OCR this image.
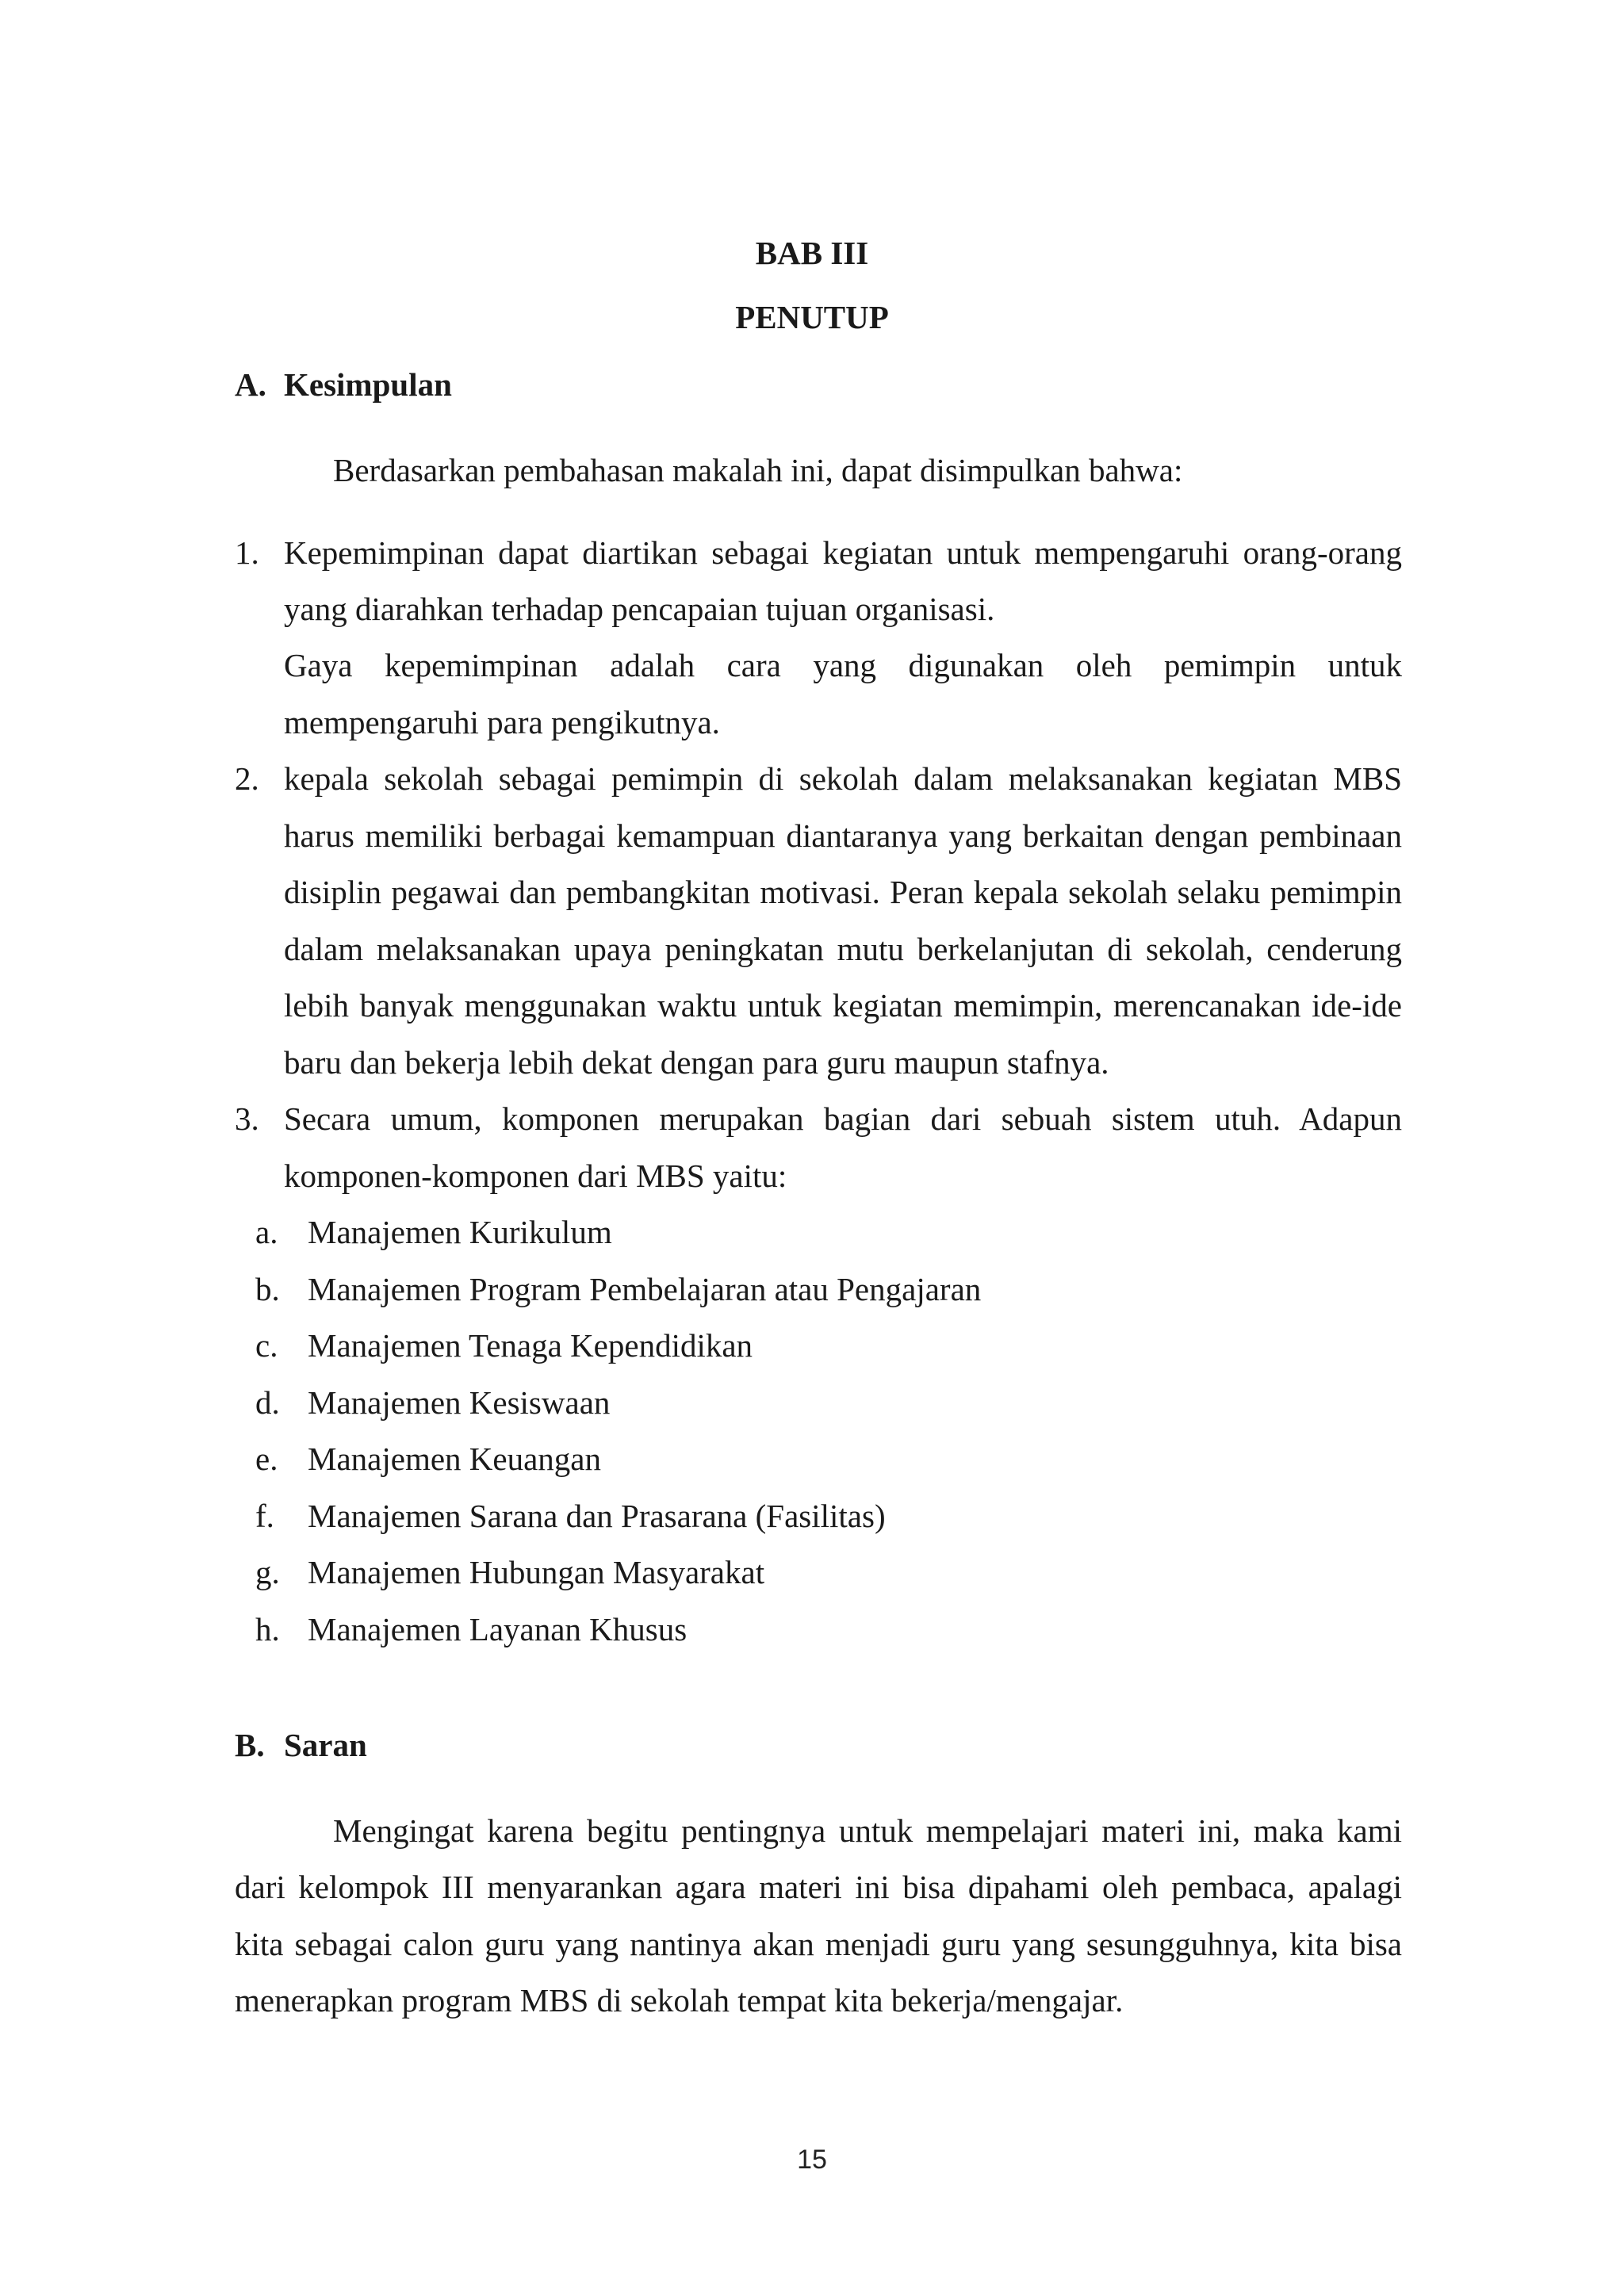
BAB III
PENUTUP
A. Kesimpulan
Berdasarkan pembahasan makalah ini, dapat disimpulkan bahwa:
1. Kepemimpinan dapat diartikan sebagai kegiatan untuk mempengaruhi orang-orang
yang diarahkan terhadap pencapaian tujuan organisasi.
Gaya kepemimpinan adalah cara yang digunakan oleh pemimpin untuk
mempengaruhi para pengikutnya.
2. kepala sekolah sebagai pemimpin di sekolah dalam melaksanakan kegiatan MBS
harus memiliki berbagai kemampuan diantaranya yang berkaitan dengan pembinaan
disiplin pegawai dan pembangkitan motivasi. Peran kepala sekolah selaku pemimpin
dalam melaksanakan upaya peningkatan mutu berkelanjutan di sekolah, cenderung
lebih banyak menggunakan waktu untuk kegiatan memimpin, merencanakan ide-ide
baru dan bekerja lebih dekat dengan para guru maupun stafnya.
3. Secara umum, komponen merupakan bagian dari sebuah sistem utuh. Adapun
komponen-komponen dari MBS yaitu:
a. Manajemen Kurikulum
b. Manajemen Program Pembelajaran atau Pengajaran
c. Manajemen Tenaga Kependidikan
d. Manajemen Kesiswaan
e. Manajemen Keuangan
f. Manajemen Sarana dan Prasarana (Fasilitas)
g. Manajemen Hubungan Masyarakat
h. Manajemen Layanan Khusus
B. Saran
Mengingat karena begitu pentingnya untuk mempelajari materi ini, maka kami
dari kelompok III menyarankan agara materi ini bisa dipahami oleh pembaca, apalagi
kita sebagai calon guru yang nantinya akan menjadi guru yang sesungguhnya, kita bisa
menerapkan program MBS di sekolah tempat kita bekerja/mengajar.
15
